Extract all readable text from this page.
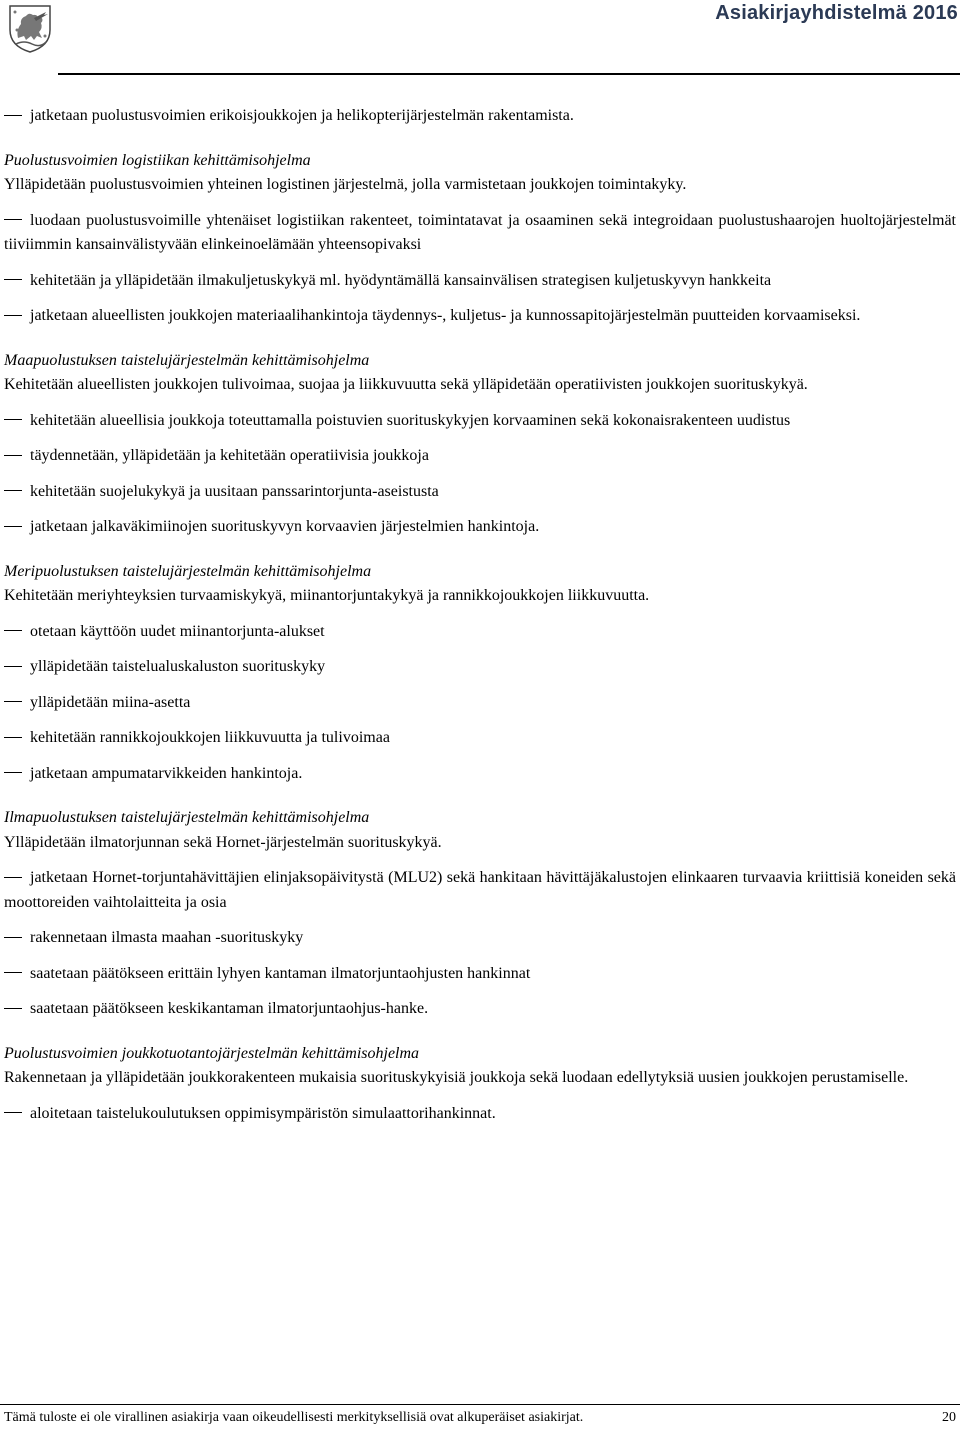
Asiakirjayhdistelmä 2016

jatketaan puolustusvoimien erikoisjoukkojen ja helikopterijärjestelmän rakentamista.

Puolustusvoimien logistiikan kehittämisohjelma

Ylläpidetään puolustusvoimien yhteinen logistinen järjestelmä, jolla varmistetaan joukkojen toimintakyky.

luodaan puolustusvoimille yhtenäiset logistiikan rakenteet, toimintatavat ja osaaminen sekä integroidaan puolustushaarojen huoltojärjestelmät tiiviimmin kansainvälistyvään elinkeinoelämään yhteensopivaksi

kehitetään ja ylläpidetään ilmakuljetuskykyä ml. hyödyntämällä kansainvälisen strategisen kuljetuskyvyn hankkeita

jatketaan alueellisten joukkojen materiaalihankintoja täydennys-, kuljetus- ja kunnossapitojärjestelmän puutteiden korvaamiseksi.

Maapuolustuksen taistelujärjestelmän kehittämisohjelma

Kehitetään alueellisten joukkojen tulivoimaa, suojaa ja liikkuvuutta sekä ylläpidetään operatiivisten joukkojen suorituskykyä.

kehitetään alueellisia joukkoja toteuttamalla poistuvien suorituskykyjen korvaaminen sekä kokonaisrakenteen uudistus

täydennetään, ylläpidetään ja kehitetään operatiivisia joukkoja

kehitetään suojelukykyä ja uusitaan panssarintorjunta-aseistusta

jatketaan jalkaväkimiinojen suorituskyvyn korvaavien järjestelmien hankintoja.

Meripuolustuksen taistelujärjestelmän kehittämisohjelma

Kehitetään meriyhteyksien turvaamiskykyä, miinantorjuntakykyä ja rannikkojoukkojen liikkuvuutta.

otetaan käyttöön uudet miinantorjunta-alukset

ylläpidetään taistelualuskaluston suorituskyky

ylläpidetään miina-asetta

kehitetään rannikkojoukkojen liikkuvuutta ja tulivoimaa

jatketaan ampumatarvikkeiden hankintoja.

Ilmapuolustuksen taistelujärjestelmän kehittämisohjelma

Ylläpidetään ilmatorjunnan sekä Hornet-järjestelmän suorituskykyä.

jatketaan Hornet-torjuntahävittäjien elinjaksopäivitystä (MLU2) sekä hankitaan hävittäjäkalustojen elinkaaren turvaavia kriittisiä koneiden sekä moottoreiden vaihtolaitteita ja osia

rakennetaan ilmasta maahan -suorituskyky

saatetaan päätökseen erittäin lyhyen kantaman ilmatorjuntaohjusten hankinnat

saatetaan päätökseen keskikantaman ilmatorjuntaohjus-hanke.

Puolustusvoimien joukkotuotantojärjestelmän kehittämisohjelma

Rakennetaan ja ylläpidetään joukkorakenteen mukaisia suorituskykyisiä joukkoja sekä luodaan edellytyksiä uusien joukkojen perustamiselle.

aloitetaan taistelukoulutuksen oppimisympäristön simulaattorihankinnat.

Tämä tuloste ei ole virallinen asiakirja vaan oikeudellisesti merkityksellisiä ovat alkuperäiset asiakirjat.	20
